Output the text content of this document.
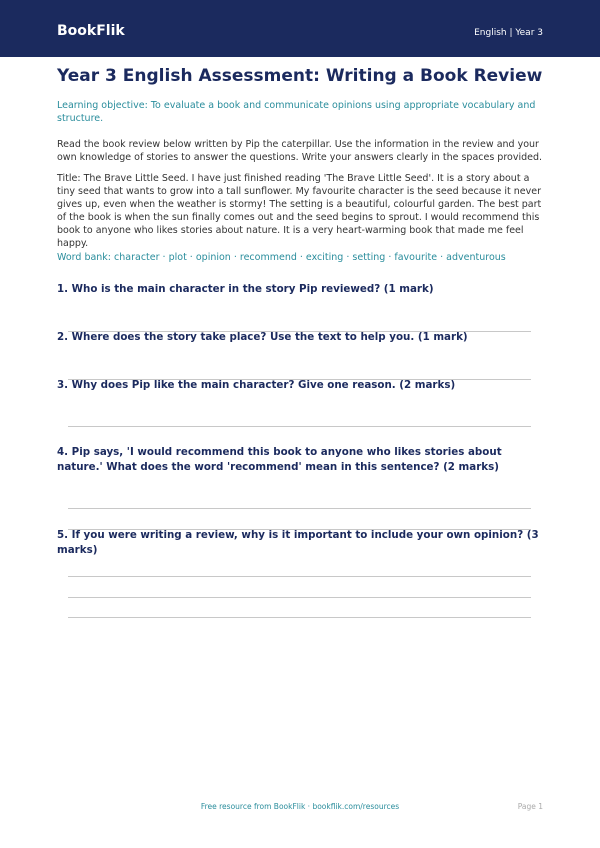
BookFlik	English | Year 3
Year 3 English Assessment: Writing a Book Review

Learning objective: To evaluate a book and communicate opinions using appropriate vocabulary and structure.

Read the book review below written by Pip the caterpillar. Use the information in the review and your own knowledge of stories to answer the questions. Write your answers clearly in the spaces provided.

Title: The Brave Little Seed. I have just finished reading 'The Brave Little Seed'. It is a story about a tiny seed that wants to grow into a tall sunflower. My favourite character is the seed because it never gives up, even when the weather is stormy! The setting is a beautiful, colourful garden. The best part of the book is when the sun finally comes out and the seed begins to sprout. I would recommend this book to anyone who likes stories about nature. It is a very heart-warming book that made me feel happy.

Word bank: character · plot · opinion · recommend · exciting · setting · favourite · adventurous

1. Who is the main character in the story Pip reviewed? (1 mark)

2. Where does the story take place? Use the text to help you. (1 mark)

3. Why does Pip like the main character? Give one reason. (2 marks)

4. Pip says, 'I would recommend this book to anyone who likes stories about nature.' What does the word 'recommend' mean in this sentence? (2 marks)

5. If you were writing a review, why is it important to include your own opinion? (3 marks)

Free resource from BookFlik · bookflik.com/resources	Page 1
